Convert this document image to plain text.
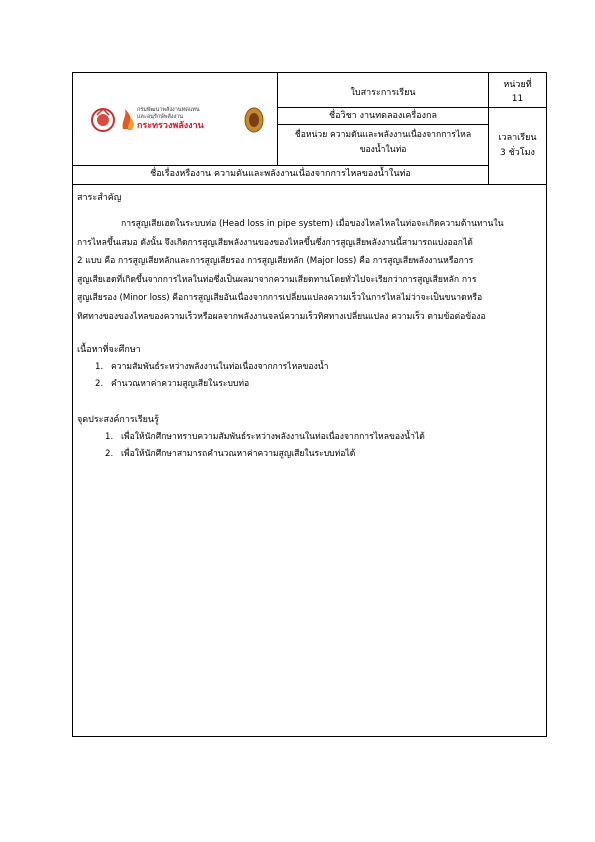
กรมพัฒนาพลังงานทดแทน
และอนุรักษ์พลังงาน
กระทรวงพลังงาน
ใบสาระการเรียน
หน่วยที่
11
ชื่อวิชา งานทดลองเครื่องกล
ชื่อหน่วย ความดันและพลังงานเนื่องจากการไหล
ของน้ำในท่อ
เวลาเรียน
3 ชั่วโมง
ชื่อเรื่องหรืองาน ความดันและพลังงานเนื่องจากการไหลของน้ำในท่อ

สาระสำคัญ

การสูญเสียเฮดในระบบท่อ (Head loss in pipe system) เมื่อของไหลไหลในท่อจะเกิดความต้านทานใน
การไหลขึ้นเสมอ ดังนั้น จึงเกิดการสูญเสียพลังงานของของไหลขึ้นซึ่งการสูญเสียพลังงานนี้สามารถแบ่งออกได้
2 แบบ คือ การสูญเสียหลักและการสูญเสียรอง การสูญเสียหลัก (Major loss) คือ การสูญเสียพลังงานหรือการ
สูญเสียเฮดที่เกิดขึ้นจากการไหลในท่อซึ่งเป็นผลมาจากความเสียดทานโดยทั่วไปจะเรียกว่าการสูญเสียหลัก การ
สูญเสียรอง (Minor loss) คือการสูญเสียอันเนื่องจากการเปลี่ยนแปลงความเร็วในการไหลไม่ว่าจะเป็นขนาดหรือ
ทิศทางของของไหลของความเร็วหรือผลจากพลังงานจลน์ความเร็วทิศทางเปลี่ยนแปลง ความเร็ว ตามข้อต่อข้องอ

เนื้อหาที่จะศึกษา

1. ความสัมพันธ์ระหว่างพลังงานในท่อเนื่องจากการไหลของน้ำ
2. คำนวณหาค่าความสูญเสียในระบบท่อ

จุดประสงค์การเรียนรู้

1. เพื่อให้นักศึกษาทราบความสัมพันธ์ระหว่างพลังงานในท่อเนื่องจากการไหลของน้ำได้
2. เพื่อให้นักศึกษาสามารถคำนวณหาค่าความสูญเสียในระบบท่อได้
